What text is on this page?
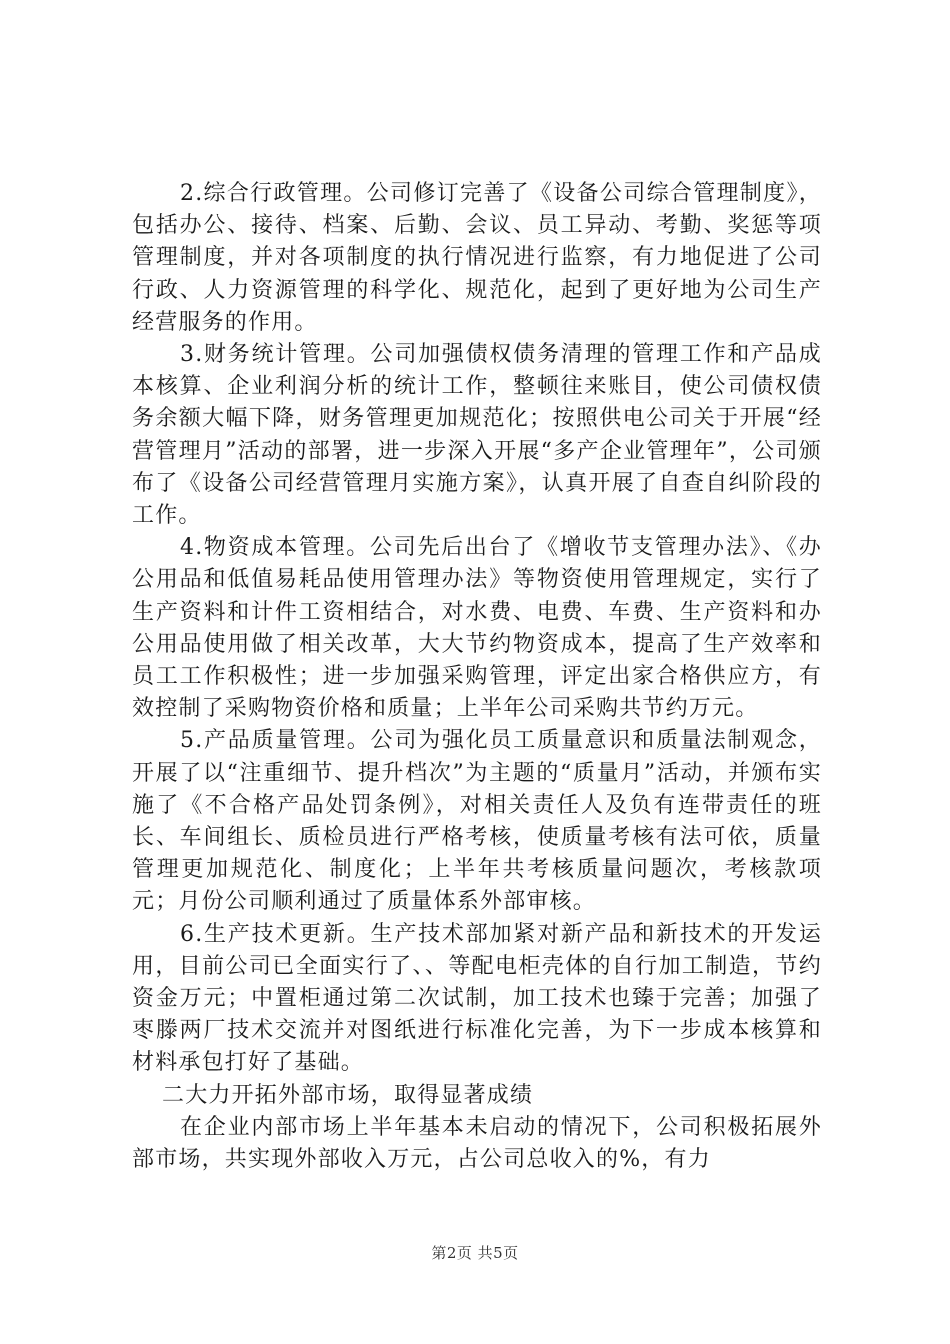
2.综合行政管理。公司修订完善了《设备公司综合管理制度》，包括办公、接待、档案、后勤、会议、员工异动、考勤、奖惩等项管理制度，并对各项制度的执行情况进行监察，有力地促进了公司行政、人力资源管理的科学化、规范化，起到了更好地为公司生产经营服务的作用。

3.财务统计管理。公司加强债权债务清理的管理工作和产品成本核算、企业利润分析的统计工作，整顿往来账目，使公司债权债务余额大幅下降，财务管理更加规范化；按照供电公司关于开展“经营管理月”活动的部署，进一步深入开展“多产企业管理年”，公司颁布了《设备公司经营管理月实施方案》，认真开展了自查自纠阶段的工作。

4.物资成本管理。公司先后出台了《增收节支管理办法》、《办公用品和低值易耗品使用管理办法》等物资使用管理规定，实行了生产资料和计件工资相结合，对水费、电费、车费、生产资料和办公用品使用做了相关改革，大大节约物资成本，提高了生产效率和员工工作积极性；进一步加强采购管理，评定出家合格供应方，有效控制了采购物资价格和质量；上半年公司采购共节约万元。

5.产品质量管理。公司为强化员工质量意识和质量法制观念，开展了以“注重细节、提升档次”为主题的“质量月”活动，并颁布实施了《不合格产品处罚条例》，对相关责任人及负有连带责任的班长、车间组长、质检员进行严格考核，使质量考核有法可依，质量管理更加规范化、制度化；上半年共考核质量问题次，考核款项元；月份公司顺利通过了质量体系外部审核。

6.生产技术更新。生产技术部加紧对新产品和新技术的开发运用，目前公司已全面实行了、、等配电柜壳体的自行加工制造，节约资金万元；中置柜通过第二次试制，加工技术也臻于完善；加强了枣滕两厂技术交流并对图纸进行标准化完善，为下一步成本核算和材料承包打好了基础。

二大力开拓外部市场，取得显著成绩

在企业内部市场上半年基本未启动的情况下，公司积极拓展外部市场，共实现外部收入万元，占公司总收入的%，有力

第2页 共5页
